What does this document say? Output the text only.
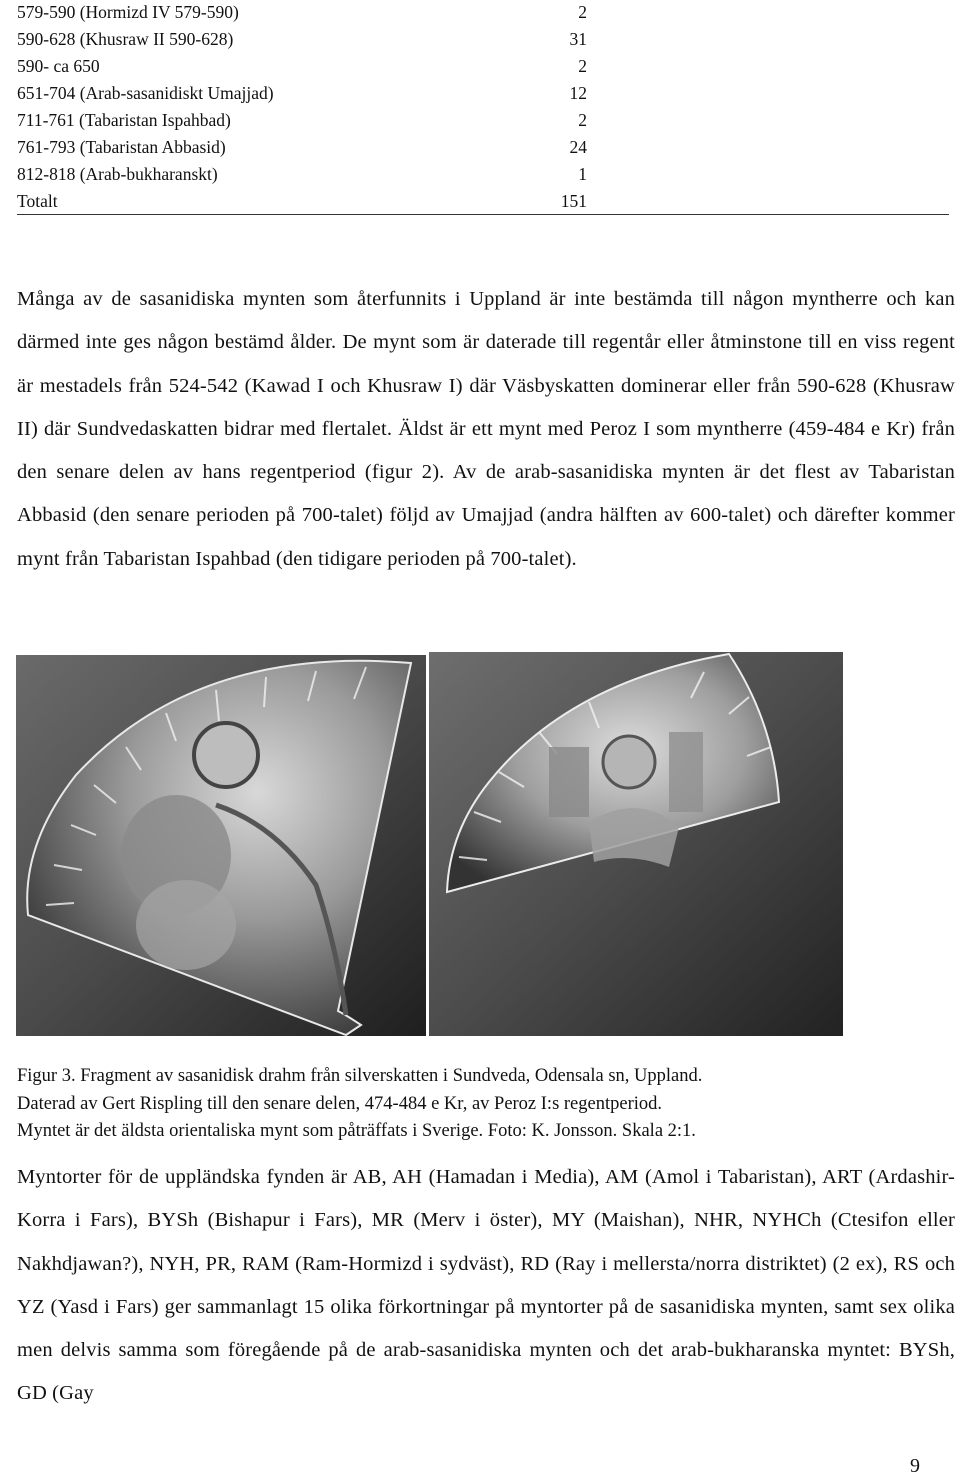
579-590 (Hormizd IV 579-590)	2
590-628 (Khusraw II 590-628)	31
590- ca 650	2
651-704 (Arab-sasanidiskt Umajjad)	12
711-761 (Tabaristan Ispahbad)	2
761-793 (Tabaristan Abbasid)	24
812-818 (Arab-bukharanskt)	1
Totalt	151

Många av de sasanidiska mynten som återfunnits i Uppland är inte bestämda till någon myntherre och kan därmed inte ges någon bestämd ålder. De mynt som är daterade till regentår eller åtminstone till en viss regent är mestadels från 524-542 (Kawad I och Khusraw I) där Väsbyskatten dominerar eller från 590-628 (Khusraw II) där Sundvedaskatten bidrar med flertalet. Äldst är ett mynt med Peroz I som myntherre (459-484 e Kr) från den senare delen av hans regentperiod (figur 2). Av de arab-sasanidiska mynten är det flest av Tabaristan Abbasid (den senare perioden på 700-talet) följd av Umajjad (andra hälften av 600-talet) och därefter kommer mynt från Tabaristan Ispahbad (den tidigare perioden på 700-talet).

Figur 3. Fragment av sasanidisk drahm från silverskatten i Sundveda, Odensala sn, Uppland.
Daterad av Gert Rispling till den senare delen, 474-484 e Kr, av Peroz I:s regentperiod.
Myntet är det äldsta orientaliska mynt som påträffats i Sverige. Foto: K. Jonsson. Skala 2:1.

Myntorter för de uppländska fynden är AB, AH (Hamadan i Media), AM (Amol i Tabaristan), ART (Ardashir-Korra i Fars), BYSh (Bishapur i Fars), MR (Merv i öster), MY (Maishan), NHR, NYHCh (Ctesifon eller Nakhdjawan?), NYH, PR, RAM (Ram-Hormizd i sydväst), RD (Ray i mellersta/norra distriktet) (2 ex), RS och YZ (Yasd i Fars) ger sammanlagt 15 olika förkortningar på myntorter på de sasanidiska mynten, samt sex olika men delvis samma som föregående på de arab-sasanidiska mynten och det arab-bukharanska myntet: BYSh, GD (Gay

9
